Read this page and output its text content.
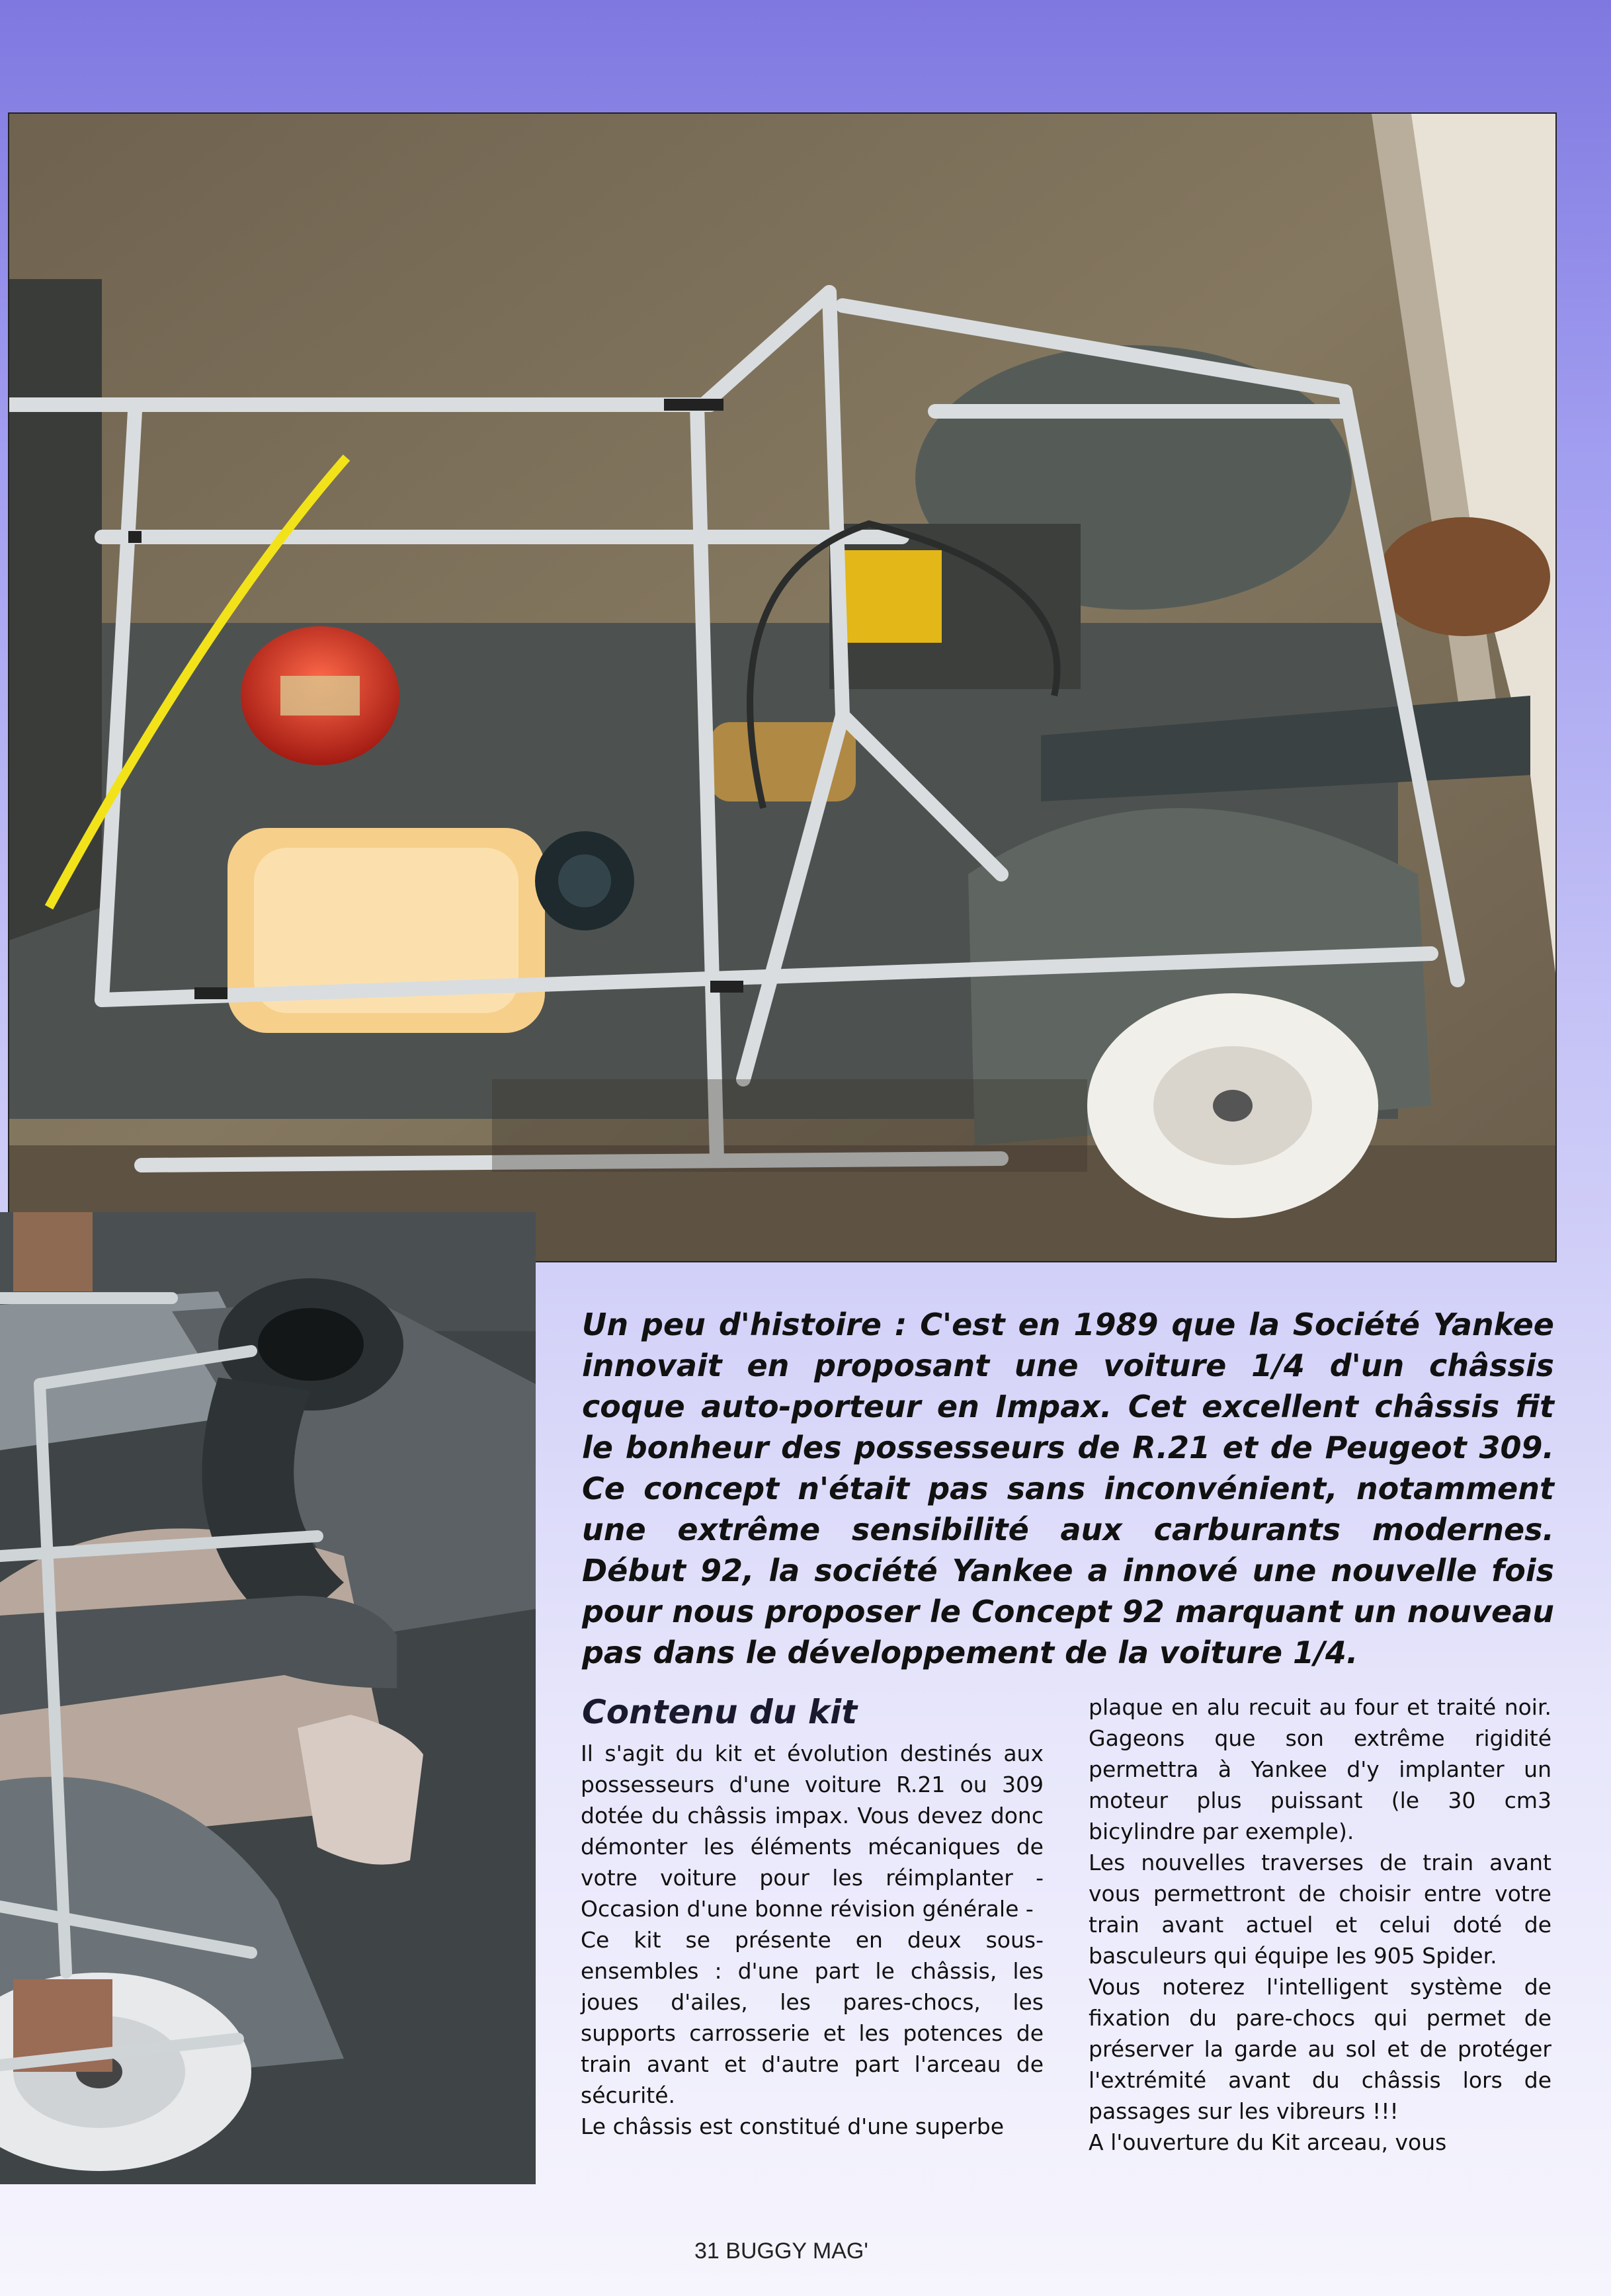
Un peu d'histoire : C'est en 1989 que la Société Yankee innovait en proposant une voiture 1/4 d'un châssis coque auto-porteur en Impax. Cet excellent châssis fit le bonheur des possesseurs de R.21 et de Peugeot 309. Ce concept n'était pas sans inconvénient, notamment une extrême sensibilité aux carburants modernes. Début 92, la société Yankee a innové une nouvelle fois pour nous proposer le Concept 92 marquant un nouveau pas dans le développement de la voiture 1/4.

Contenu du kit

Il s'agit du kit et évolution destinés aux possesseurs d'une voiture R.21 ou 309 dotée du châssis impax. Vous devez donc démonter les éléments mécaniques de votre voiture pour les réimplanter - Occasion d'une bonne révision générale -

Ce kit se présente en deux sous-ensembles : d'une part le châssis, les joues d'ailes, les pares-chocs, les supports carrosserie et les potences de train avant et d'autre part l'arceau de sécurité.

Le châssis est constitué d'une superbe

plaque en alu recuit au four et traité noir. Gageons que son extrême rigidité permettra à Yankee d'y implanter un moteur plus puissant (le 30 cm3 bicylindre par exemple).

Les nouvelles traverses de train avant vous permettront de choisir entre votre train avant actuel et celui doté de basculeurs qui équipe les 905 Spider.

Vous noterez l'intelligent système de fixation du pare-chocs qui permet de préserver la garde au sol et de protéger l'extrémité avant du châssis lors de passages sur les vibreurs !!!

A l'ouverture du Kit arceau, vous

31 BUGGY MAG'
